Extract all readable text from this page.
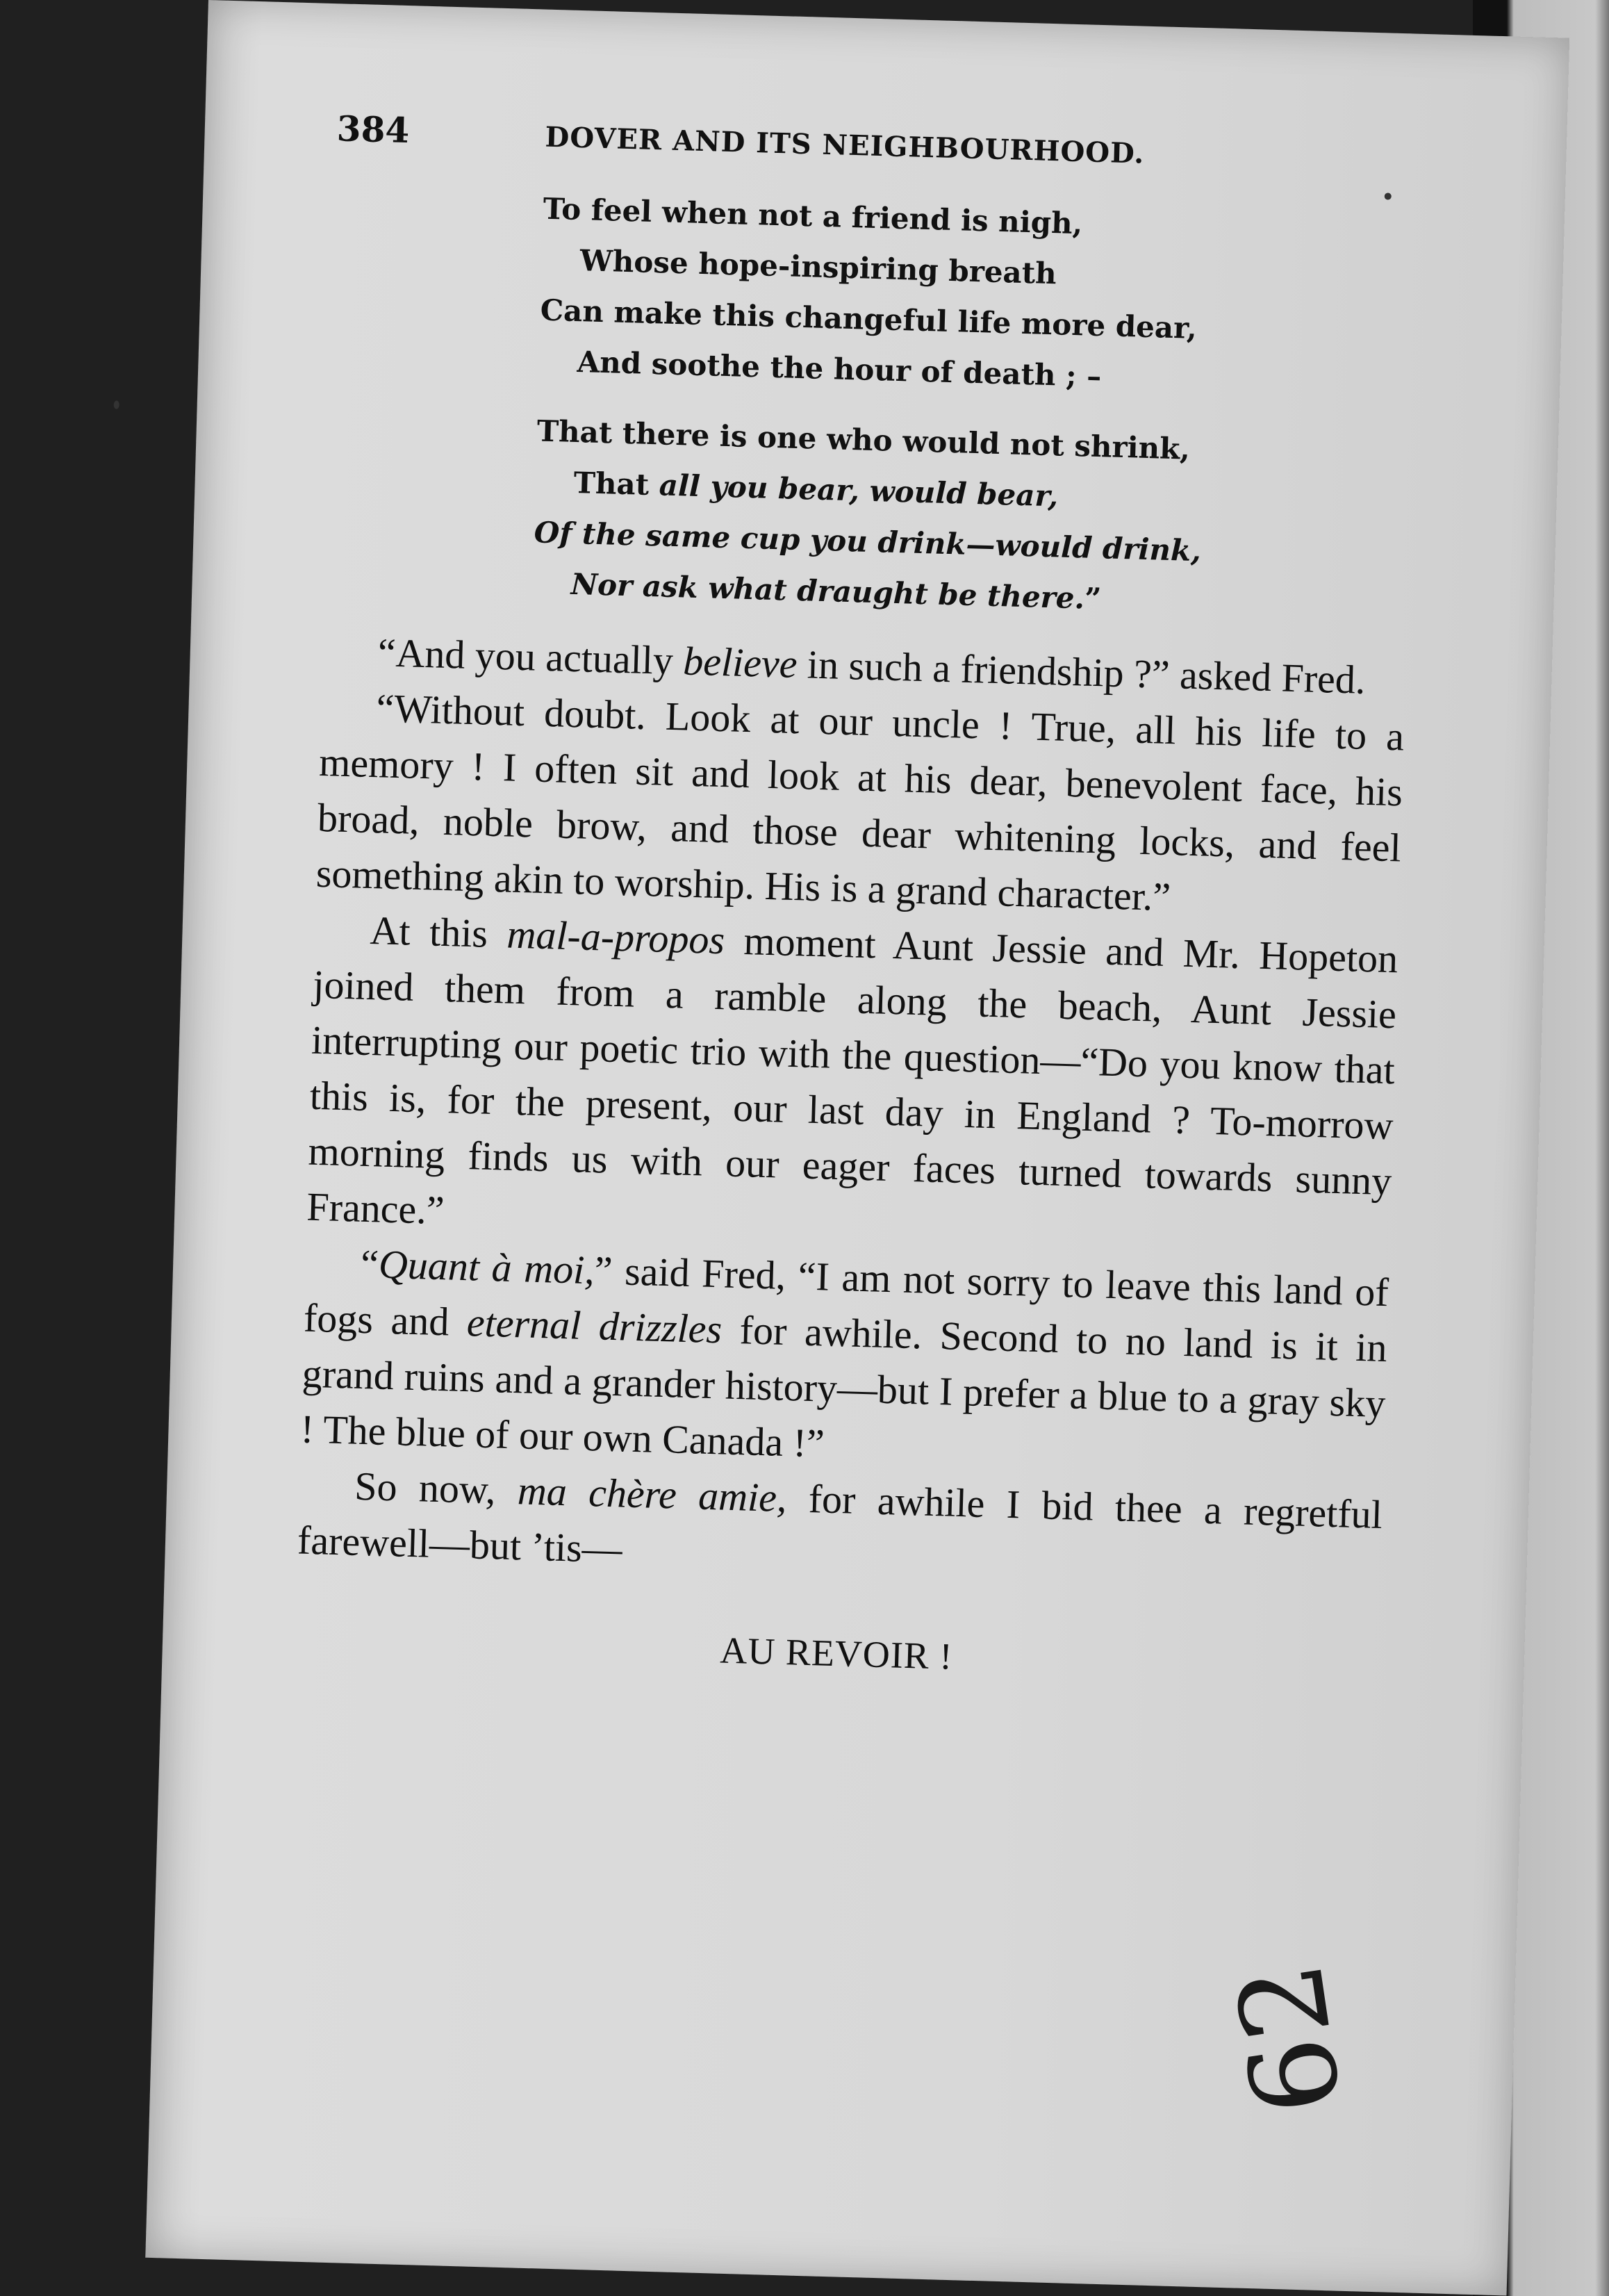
384	DOVER AND ITS NEIGHBOURHOOD.
To feel when not a friend is nigh,
Whose hope-inspiring breath
Can make this changeful life more dear,
And soothe the hour of death ; –
That there is one who would not shrink,
That all you bear, would bear,
Of the same cup you drink—would drink,
Nor ask what draught be there.”

“And you actually believe in such a friendship ?” asked Fred.

“Without doubt. Look at our uncle ! True, all his life to a memory ! I often sit and look at his dear, benevolent face, his broad, noble brow, and those dear whitening locks, and feel something akin to worship. His is a grand character.”

At this mal-a-propos moment Aunt Jessie and Mr. Hopeton joined them from a ramble along the beach, Aunt Jessie interrupting our poetic trio with the question—“Do you know that this is, for the present, our last day in England ? To-morrow morning finds us with our eager faces turned towards sunny France.”

“Quant à moi,” said Fred, “I am not sorry to leave this land of fogs and eternal drizzles for awhile. Second to no land is it in grand ruins and a grander history—but I prefer a blue to a gray sky ! The blue of our own Canada !”

So now, ma chère amie, for awhile I bid thee a regretful farewell—but ’tis—

AU REVOIR !
62
